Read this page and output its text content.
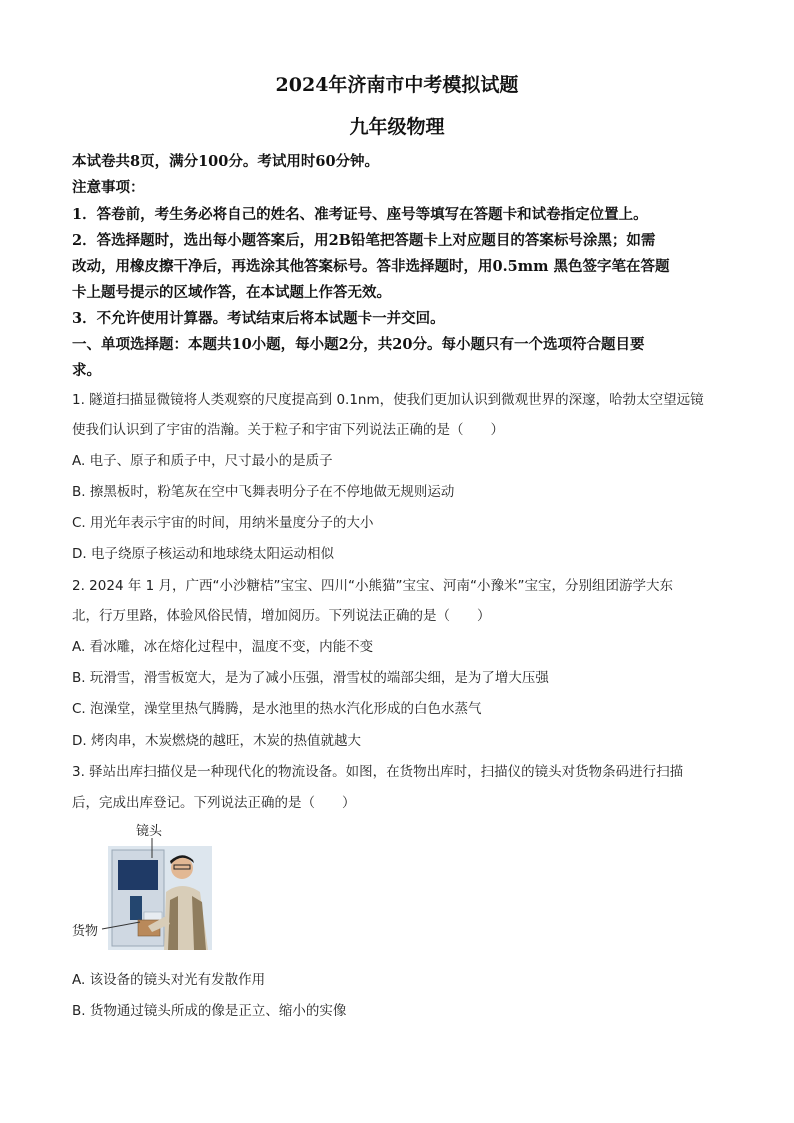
2024年济南市中考模拟试题
九年级物理
本试卷共8页，满分100分。考试用时60分钟。
注意事项：
1．答卷前，考生务必将自己的姓名、准考证号、座号等填写在答题卡和试卷指定位置上。
2．答选择题时，选出每小题答案后，用2B铅笔把答题卡上对应题目的答案标号涂黑；如需
改动，用橡皮擦干净后，再选涂其他答案标号。答非选择题时，用0.5mm 黑色签字笔在答题
卡上题号提示的区域作答，在本试题上作答无效。
3．不允许使用计算器。考试结束后将本试题卡一并交回。
一、单项选择题：本题共10小题，每小题2分，共20分。每小题只有一个选项符合题目要
求。
1. 隧道扫描显微镜将人类观察的尺度提高到 0.1nm，使我们更加认识到微观世界的深邃，哈勃太空望远镜
使我们认识到了宇宙的浩瀚。关于粒子和宇宙下列说法正确的是（　　）
A. 电子、原子和质子中，尺寸最小的是质子
B. 擦黑板时，粉笔灰在空中飞舞表明分子在不停地做无规则运动
C. 用光年表示宇宙的时间，用纳米量度分子的大小
D. 电子绕原子核运动和地球绕太阳运动相似
2. 2024 年 1 月，广西“小沙糖桔”宝宝、四川“小熊猫”宝宝、河南“小豫米”宝宝，分别组团游学大东
北，行万里路，体验风俗民情，增加阅历。下列说法正确的是（　　）
A. 看冰雕，冰在熔化过程中，温度不变，内能不变
B. 玩滑雪，滑雪板宽大，是为了减小压强，滑雪杖的端部尖细，是为了增大压强
C. 泡澡堂，澡堂里热气腾腾，是水池里的热水汽化形成的白色水蒸气
D. 烤肉串，木炭燃烧的越旺，木炭的热值就越大
3. 驿站出库扫描仪是一种现代化的物流设备。如图，在货物出库时，扫描仪的镜头对货物条码进行扫描
后，完成出库登记。下列说法正确的是（　　）
镜头
货物
A. 该设备的镜头对光有发散作用
B. 货物通过镜头所成的像是正立、缩小的实像
